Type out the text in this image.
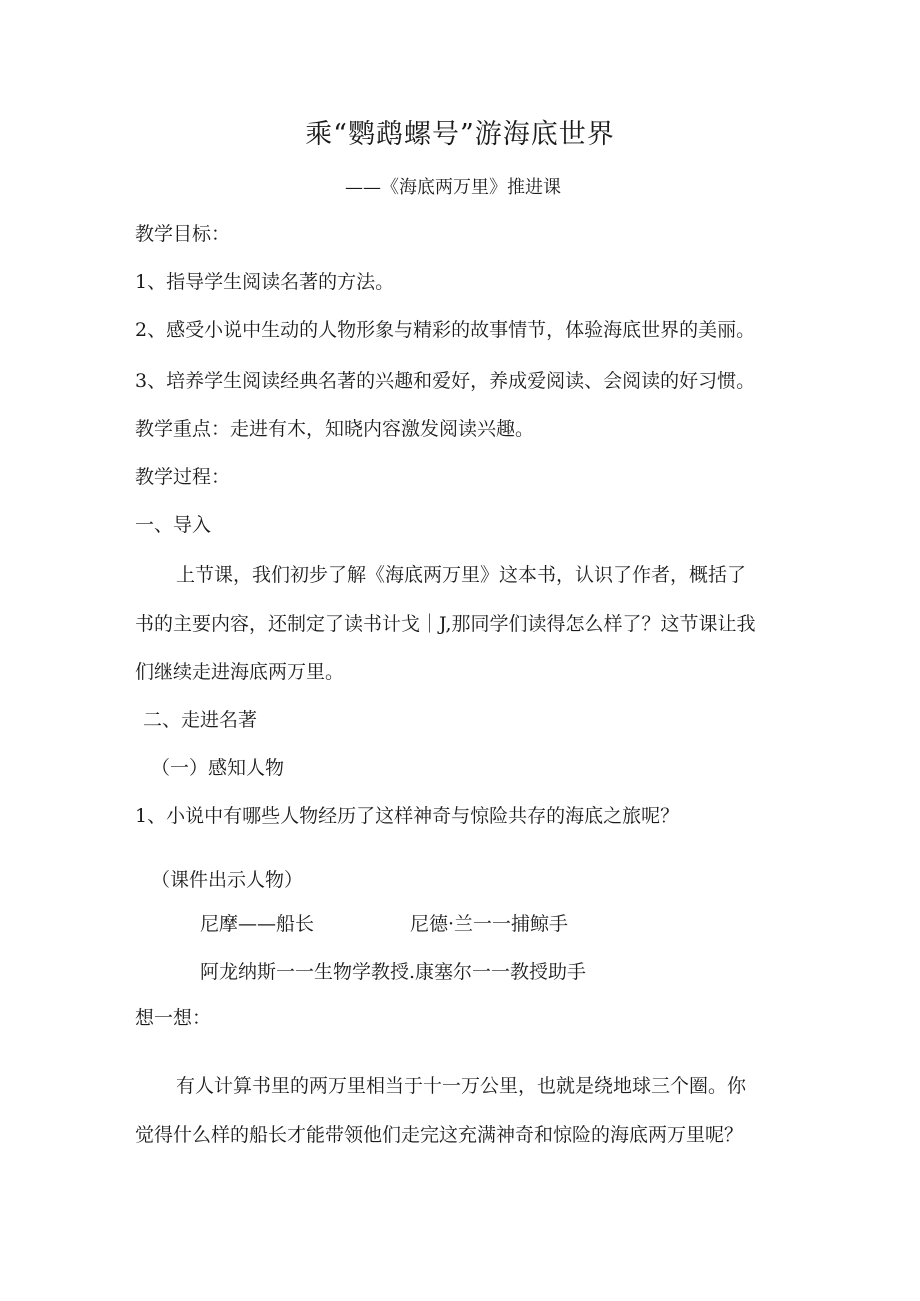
乘“鹦鹉螺号”游海底世界
——《海底两万里》推进课
教学目标：
1、指导学生阅读名著的方法。
2、感受小说中生动的人物形象与精彩的故事情节，体验海底世界的美丽。
3、培养学生阅读经典名著的兴趣和爱好，养成爱阅读、会阅读的好习惯。
教学重点：走进有木，知晓内容激发阅读兴趣。
教学过程：
一、导入
上节课，我们初步了解《海底两万里》这本书，认识了作者，概括了
书的主要内容，还制定了读书计戈｜J,那同学们读得怎么样了？这节课让我
们继续走进海底两万里。
二、走进名著
（一）感知人物
1、小说中有哪些人物经历了这样神奇与惊险共存的海底之旅呢？
（课件出示人物）
尼摩——船长	尼德·兰一一捕鲸手
阿龙纳斯一一生物学教授.康塞尔一一教授助手
想一想：
有人计算书里的两万里相当于十一万公里，也就是绕地球三个圈。你
觉得什么样的船长才能带领他们走完这充满神奇和惊险的海底两万里呢？
